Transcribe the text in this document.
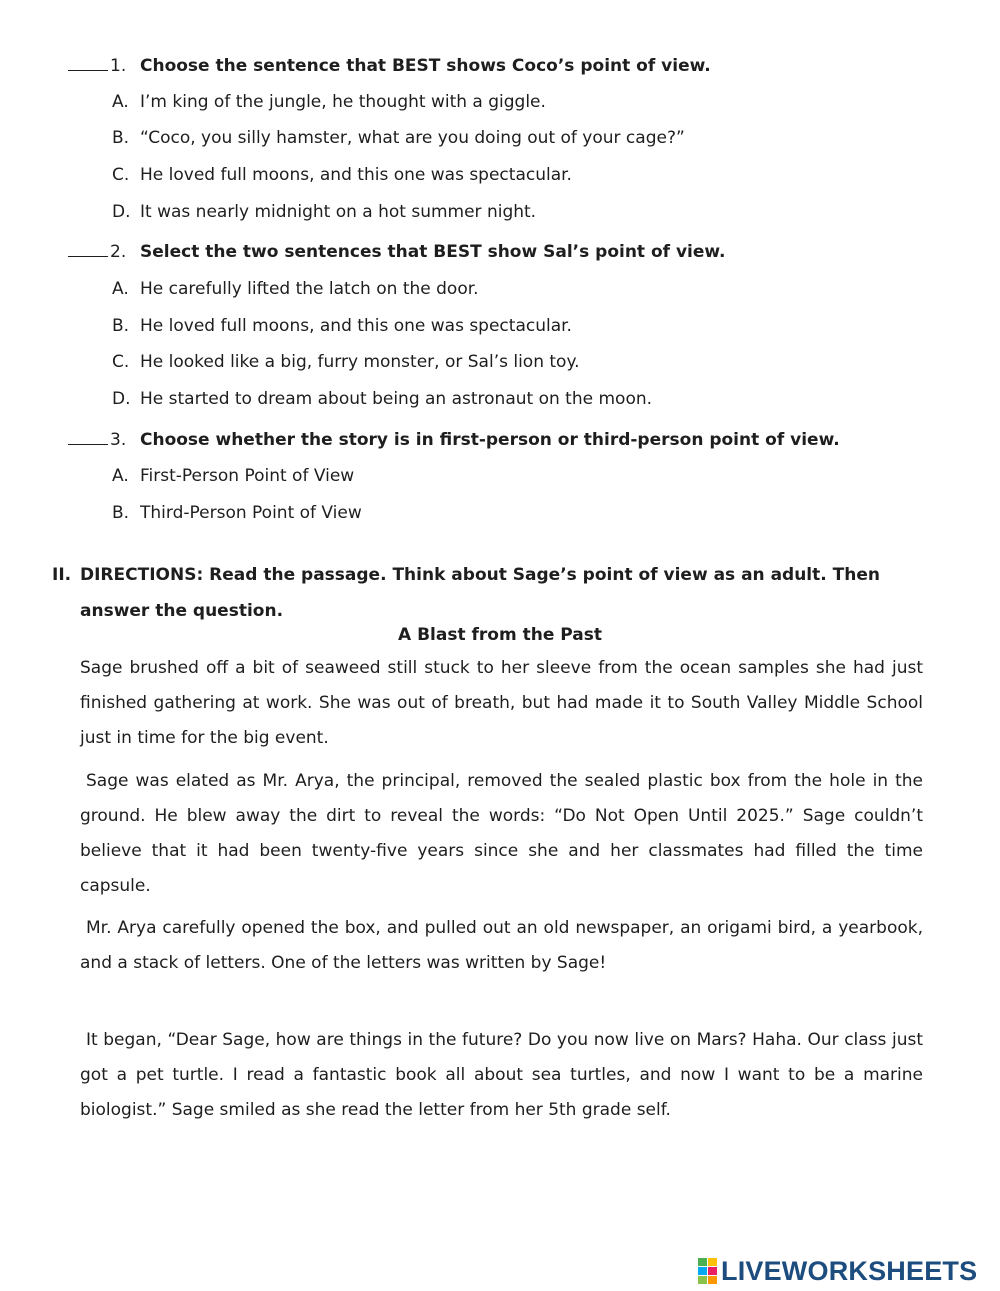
1. Choose the sentence that BEST shows Coco’s point of view.
A. I’m king of the jungle, he thought with a giggle.
B. “Coco, you silly hamster, what are you doing out of your cage?”
C. He loved full moons, and this one was spectacular.
D. It was nearly midnight on a hot summer night.
2. Select the two sentences that BEST show Sal’s point of view.
A. He carefully lifted the latch on the door.
B. He loved full moons, and this one was spectacular.
C. He looked like a big, furry monster, or Sal’s lion toy.
D. He started to dream about being an astronaut on the moon.
3. Choose whether the story is in first-person or third-person point of view.
A. First-Person Point of View
B. Third-Person Point of View
II. DIRECTIONS: Read the passage. Think about Sage’s point of view as an adult. Then answer the question.
A Blast from the Past
Sage brushed off a bit of seaweed still stuck to her sleeve from the ocean samples she had just finished gathering at work. She was out of breath, but had made it to South Valley Middle School just in time for the big event.
Sage was elated as Mr. Arya, the principal, removed the sealed plastic box from the hole in the ground. He blew away the dirt to reveal the words: “Do Not Open Until 2025.” Sage couldn’t believe that it had been twenty-five years since she and her classmates had filled the time capsule.
Mr. Arya carefully opened the box, and pulled out an old newspaper, an origami bird, a yearbook, and a stack of letters. One of the letters was written by Sage!
It began, “Dear Sage, how are things in the future? Do you now live on Mars? Haha. Our class just got a pet turtle. I read a fantastic book all about sea turtles, and now I want to be a marine biologist.” Sage smiled as she read the letter from her 5th grade self.
LIVEWORKSHEETS
